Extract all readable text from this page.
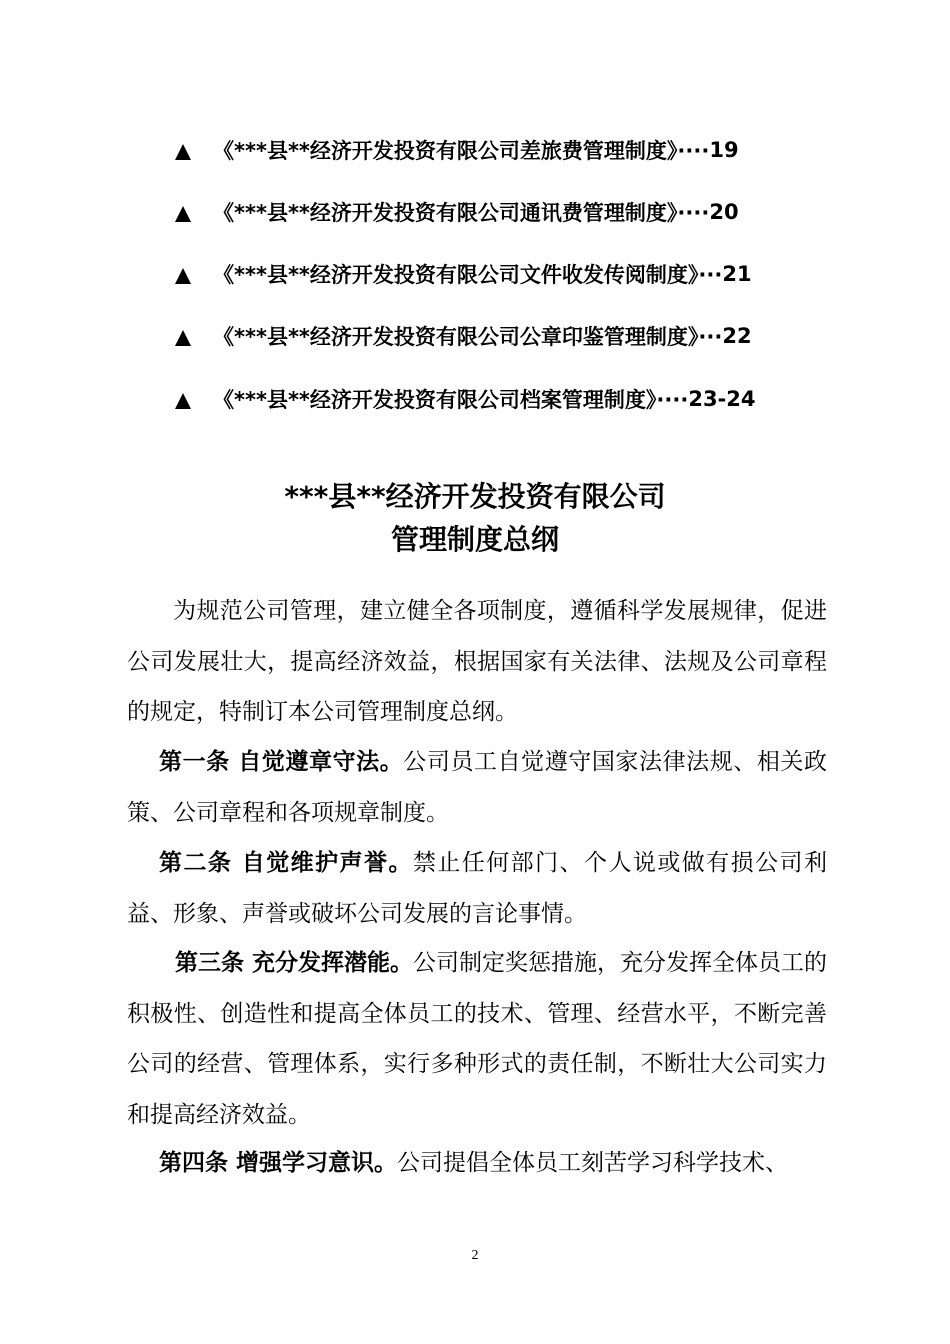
《***县**经济开发投资有限公司差旅费管理制度》···· 19
《***县**经济开发投资有限公司通讯费管理制度》···· 20
《***县**经济开发投资有限公司文件收发传阅制度》··· 21
《***县**经济开发投资有限公司公章印鉴管理制度》··· 22
《***县**经济开发投资有限公司档案管理制度》···· 23-24
***县**经济开发投资有限公司
管理制度总纲
为规范公司管理，建立健全各项制度，遵循科学发展规律，促进公司发展壮大，提高经济效益，根据国家有关法律、法规及公司章程的规定，特制订本公司管理制度总纲。
第一条 自觉遵章守法。公司员工自觉遵守国家法律法规、相关政策、公司章程和各项规章制度。
第二条 自觉维护声誉。禁止任何部门、个人说或做有损公司利益、形象、声誉或破坏公司发展的言论事情。
第三条 充分发挥潜能。公司制定奖惩措施，充分发挥全体员工的积极性、创造性和提高全体员工的技术、管理、经营水平，不断完善公司的经营、管理体系，实行多种形式的责任制，不断壮大公司实力和提高经济效益。
第四条 增强学习意识。公司提倡全体员工刻苦学习科学技术、
2
